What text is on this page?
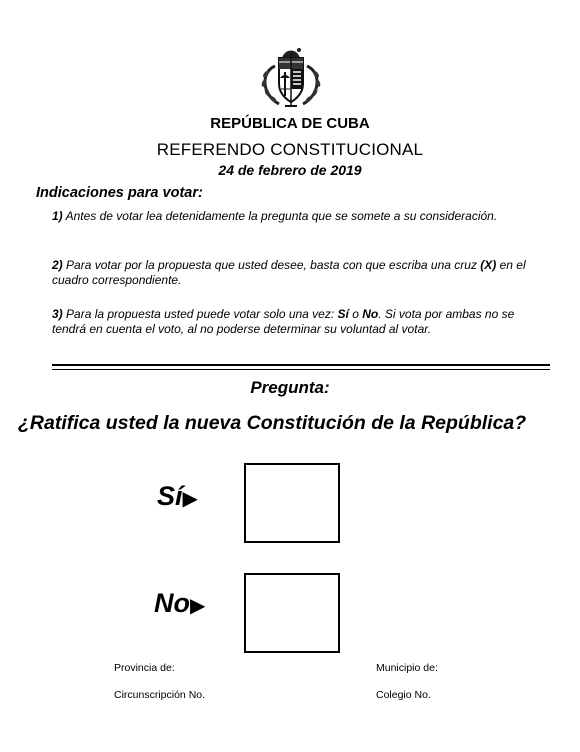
REPÚBLICA DE CUBA
REFERENDO CONSTITUCIONAL
24 de febrero de 2019
Indicaciones para votar:
1) Antes de votar lea detenidamente la pregunta que se somete a su consideración.
2) Para votar por la propuesta que usted desee, basta con que escriba una cruz (X) en el cuadro correspondiente.
3) Para la propuesta usted puede votar solo una vez: Sí o No. Si vota por ambas no se tendrá en cuenta el voto, al no poderse determinar su voluntad al votar.
Pregunta:
¿Ratifica usted la nueva Constitución de la República?
Sí▶
No▶
Provincia de:	Municipio de:
Circunscripción No.	Colegio No.
